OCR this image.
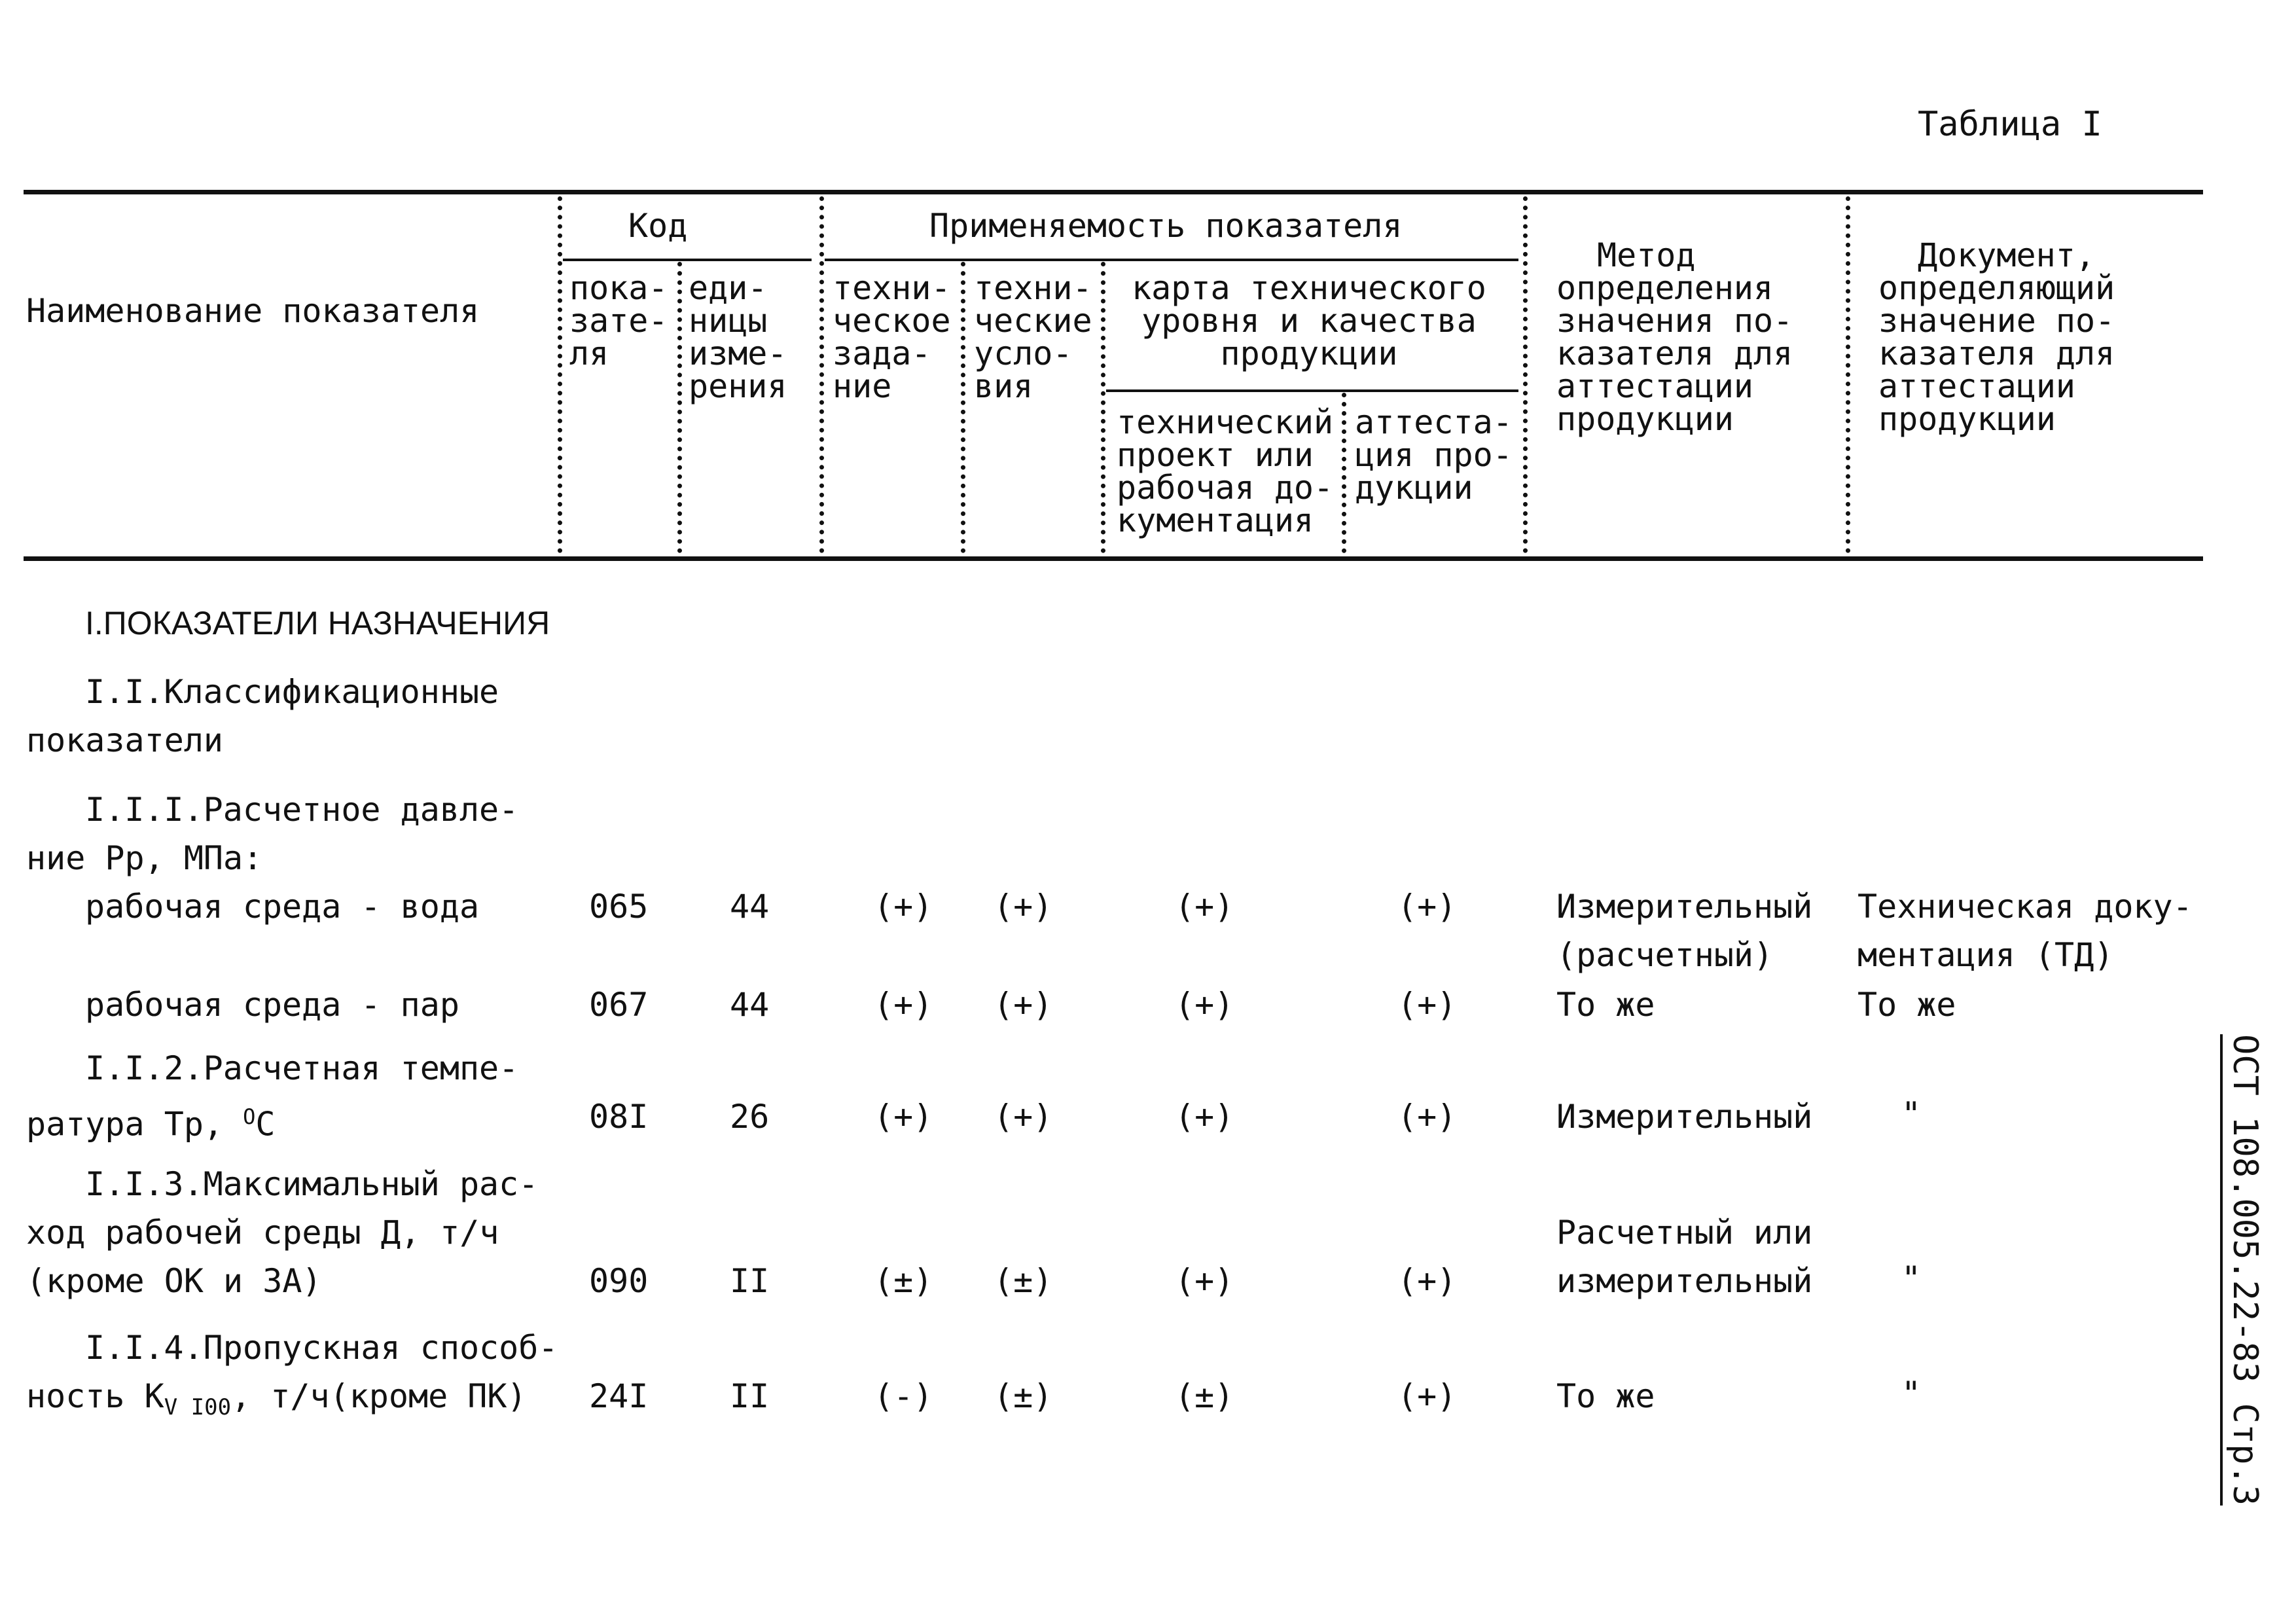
Таблица I
Наименование показателя
Код
пока-
зате-
ля
еди-
ницы
изме-
рения
Применяемость показателя
техни-
ческое
зада-
ние
техни-
ческие
усло-
вия
карта технического
уровня и качества
продукции
технический
проект или
рабочая до-
кументация
аттеста-
ция про-
дукции
Метод
определения
значения по-
казателя для
аттестации
продукции
Документ,
определяющий
значение по-
казателя для
аттестации
продукции
I.ПОКАЗАТЕЛИ НАЗНАЧЕНИЯ
I.I.Классификационные
показатели
I.I.I.Расчетное давле-
ние Рр, МПа:
рабочая среда - вода	065 44	(+) (+)	(+)	(+)	Измерительный
(расчетный)
Техническая доку-
ментация (ТД)
рабочая среда - пар	067 44	(+) (+)	(+)	(+)	То же	То же
I.I.2.Расчетная темпе-
ратура Тр, $^О$С	08I 26	(+) (+)	(+)	(+)	Измерительный	"
I.I.3.Максимальный рас-
ход рабочей среды Д, т/ч
(кроме ОК и ЗА)	090 II	(±) (±)	(+)	(+)
Расчетный или
измерительный	"
I.I.4.Пропускная способ-
ность $К_{V I00}$, т/ч(кроме ПК)	24I II	(-) (±)	(±)	(+)	То же	"	ОСТ 108.005.22-83 Стр.3
